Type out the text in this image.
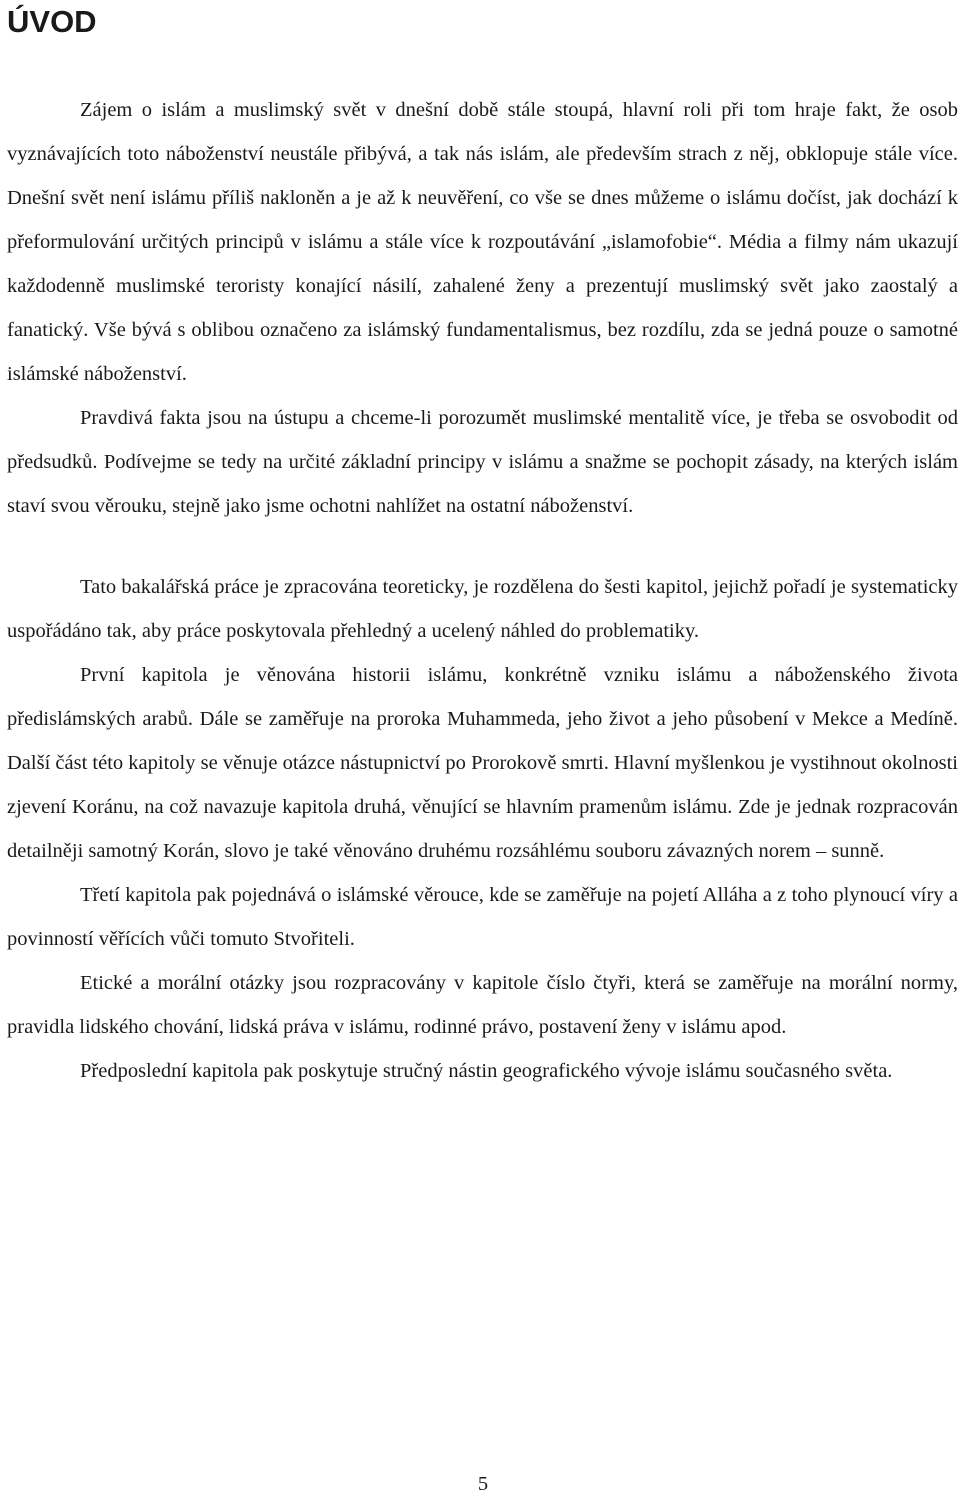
ÚVOD

Zájem o islám a muslimský svět v dnešní době stále stoupá, hlavní roli při tom hraje fakt, že osob vyznávajících toto náboženství neustále přibývá, a tak nás islám, ale především strach z něj, obklopuje stále více. Dnešní svět není islámu příliš nakloněn a je až k neuvěření, co vše se dnes můžeme o islámu dočíst, jak dochází k přeformulování určitých principů v islámu a stále více k rozpoutávání „islamofobie“. Média a filmy nám ukazují každodenně muslimské teroristy konající násilí, zahalené ženy a prezentují muslimský svět jako zaostalý a fanatický. Vše bývá s oblibou označeno za islámský fundamentalismus, bez rozdílu, zda se jedná pouze o samotné islámské náboženství.

Pravdivá fakta jsou na ústupu a chceme-li porozumět muslimské mentalitě více, je třeba se osvobodit od předsudků. Podívejme se tedy na určité základní principy v islámu a snažme se pochopit zásady, na kterých islám staví svou věrouku, stejně jako jsme ochotni nahlížet na ostatní náboženství.

Tato bakalářská práce je zpracována teoreticky, je rozdělena do šesti kapitol, jejichž pořadí je systematicky uspořádáno tak, aby práce poskytovala přehledný a ucelený náhled do problematiky.

První kapitola je věnována historii islámu, konkrétně vzniku islámu a náboženského života předislámských arabů. Dále se zaměřuje na proroka Muhammeda, jeho život a jeho působení v Mekce a Medíně. Další část této kapitoly se věnuje otázce nástupnictví po Prorokově smrti. Hlavní myšlenkou je vystihnout okolnosti zjevení Koránu, na což navazuje kapitola druhá, věnující se hlavním pramenům islámu. Zde je jednak rozpracován detailněji samotný Korán, slovo je také věnováno druhému rozsáhlému souboru závazných norem – sunně.

Třetí kapitola pak pojednává o islámské věrouce, kde se zaměřuje na pojetí Alláha a z toho plynoucí víry a povinností věřících vůči tomuto Stvořiteli.

Etické a morální otázky jsou rozpracovány v kapitole číslo čtyři, která se zaměřuje na morální normy, pravidla lidského chování, lidská práva v islámu, rodinné právo, postavení ženy v islámu apod.

Předposlední kapitola pak poskytuje stručný nástin geografického vývoje islámu současného světa.

5
